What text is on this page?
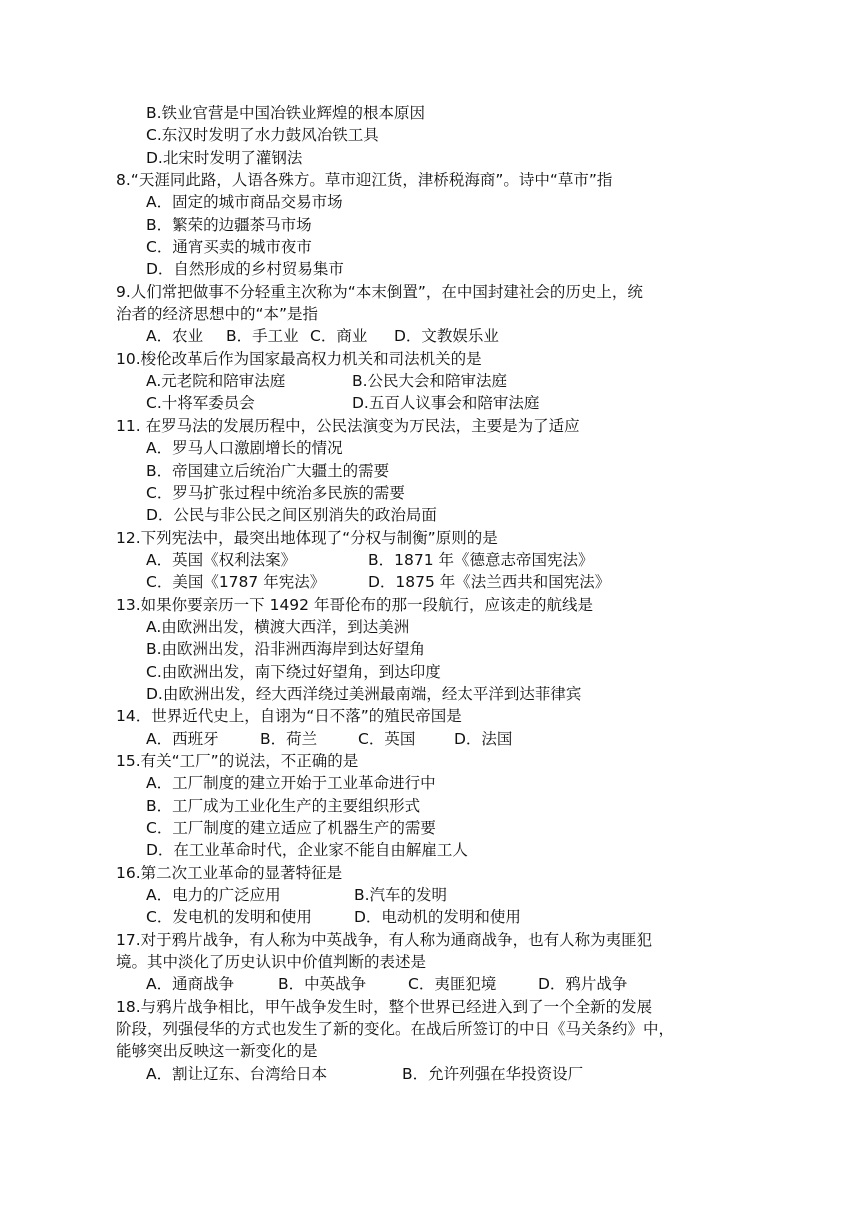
B.铁业官营是中国冶铁业辉煌的根本原因
C.东汉时发明了水力鼓风冶铁工具
D.北宋时发明了灌钢法
8.“天涯同此路，人语各殊方。草市迎江货，津桥税海商”。诗中“草市”指
A．固定的城市商品交易市场
B．繁荣的边疆茶马市场
C．通宵买卖的城市夜市
D．自然形成的乡村贸易集市
9.人们常把做事不分轻重主次称为“本末倒置”，在中国封建社会的历史上，统
治者的经济思想中的“本”是指
A．农业	B．手工业 C．商业	D．文教娱乐业
10.梭伦改革后作为国家最高权力机关和司法机关的是
A.元老院和陪审法庭	B.公民大会和陪审法庭
C.十将军委员会	D.五百人议事会和陪审法庭
11. 在罗马法的发展历程中，公民法演变为万民法，主要是为了适应
A．罗马人口激剧增长的情况
B．帝国建立后统治广大疆土的需要
C．罗马扩张过程中统治多民族的需要
D．公民与非公民之间区别消失的政治局面
12.下列宪法中，最突出地体现了“分权与制衡”原则的是
A．英国《权利法案》	B．1871 年《德意志帝国宪法》
C．美国《1787 年宪法》	D．1875 年《法兰西共和国宪法》
13.如果你要亲历一下 1492 年哥伦布的那一段航行，应该走的航线是
A.由欧洲出发，横渡大西洋，到达美洲
B.由欧洲出发，沿非洲西海岸到达好望角
C.由欧洲出发，南下绕过好望角，到达印度
D.由欧洲出发，经大西洋绕过美洲最南端，经太平洋到达菲律宾
14．世界近代史上，自诩为“日不落”的殖民帝国是
A．西班牙	B．荷兰	C．英国	D．法国
15.有关“工厂”的说法，不正确的是
A．工厂制度的建立开始于工业革命进行中
B．工厂成为工业化生产的主要组织形式
C．工厂制度的建立适应了机器生产的需要
D．在工业革命时代，企业家不能自由解雇工人
16.第二次工业革命的显著特征是
A．电力的广泛应用	B.汽车的发明
C．发电机的发明和使用	D．电动机的发明和使用
17.对于鸦片战争，有人称为中英战争，有人称为通商战争，也有人称为夷匪犯
境。其中淡化了历史认识中价值判断的表述是
A．通商战争	B．中英战争	C．夷匪犯境	D．鸦片战争
18.与鸦片战争相比，甲午战争发生时，整个世界已经进入到了一个全新的发展
阶段，列强侵华的方式也发生了新的变化。在战后所签订的中日《马关条约》中，
能够突出反映这一新变化的是
A．割让辽东、台湾给日本	B．允许列强在华投资设厂
